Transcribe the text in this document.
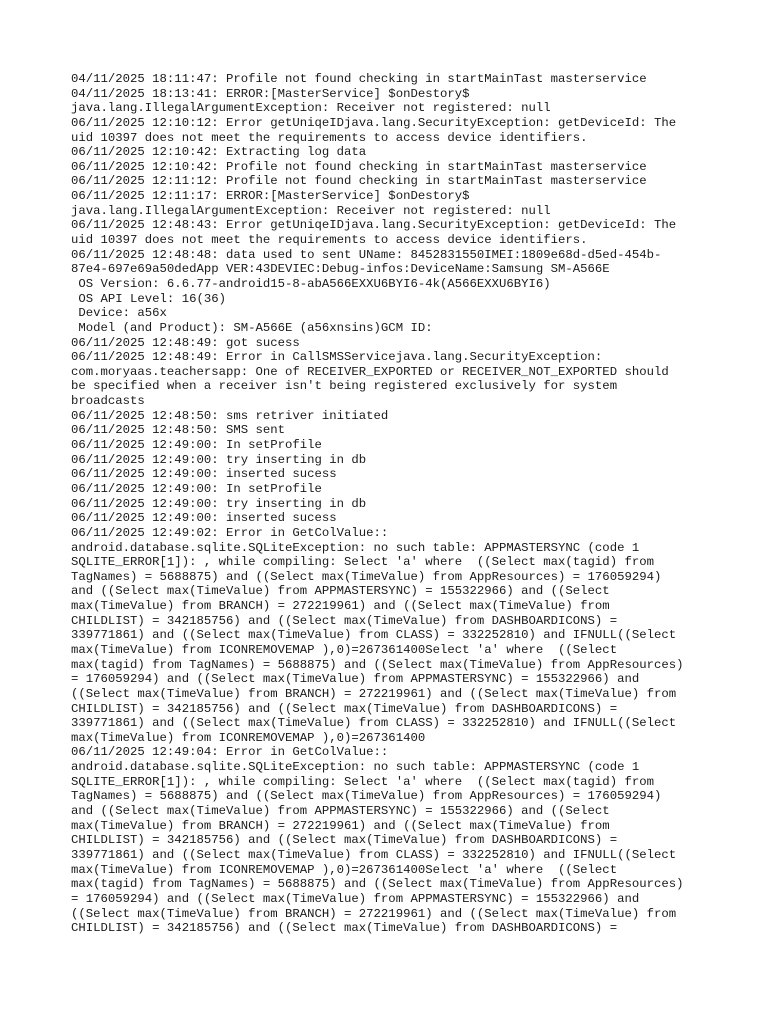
04/11/2025 18:11:47: Profile not found checking in startMainTast masterservice
04/11/2025 18:13:41: ERROR:[MasterService] $onDestory$
java.lang.IllegalArgumentException: Receiver not registered: null
06/11/2025 12:10:12: Error getUniqeIDjava.lang.SecurityException: getDeviceId: The
uid 10397 does not meet the requirements to access device identifiers.
06/11/2025 12:10:42: Extracting log data
06/11/2025 12:10:42: Profile not found checking in startMainTast masterservice
06/11/2025 12:11:12: Profile not found checking in startMainTast masterservice
06/11/2025 12:11:17: ERROR:[MasterService] $onDestory$
java.lang.IllegalArgumentException: Receiver not registered: null
06/11/2025 12:48:43: Error getUniqeIDjava.lang.SecurityException: getDeviceId: The
uid 10397 does not meet the requirements to access device identifiers.
06/11/2025 12:48:48: data used to sent UName: 8452831550IMEI:1809e68d-d5ed-454b-
87e4-697e69a50dedApp VER:43DEVIEC:Debug-infos:DeviceName:Samsung SM-A566E
OS Version: 6.6.77-android15-8-abA566EXXU6BYI6-4k(A566EXXU6BYI6)
OS API Level: 16(36)
Device: a56x
Model (and Product): SM-A566E (a56xnsins)GCM ID:
06/11/2025 12:48:49: got sucess
06/11/2025 12:48:49: Error in CallSMSServicejava.lang.SecurityException:
com.moryaas.teachersapp: One of RECEIVER_EXPORTED or RECEIVER_NOT_EXPORTED should
be specified when a receiver isn't being registered exclusively for system
broadcasts
06/11/2025 12:48:50: sms retriver initiated
06/11/2025 12:48:50: SMS sent
06/11/2025 12:49:00: In setProfile
06/11/2025 12:49:00: try inserting in db
06/11/2025 12:49:00: inserted sucess
06/11/2025 12:49:00: In setProfile
06/11/2025 12:49:00: try inserting in db
06/11/2025 12:49:00: inserted sucess
06/11/2025 12:49:02: Error in GetColValue::
android.database.sqlite.SQLiteException: no such table: APPMASTERSYNC (code 1
SQLITE_ERROR[1]): , while compiling: Select 'a' where  ((Select max(tagid) from
TagNames) = 5688875) and ((Select max(TimeValue) from AppResources) = 176059294)
and ((Select max(TimeValue) from APPMASTERSYNC) = 155322966) and ((Select
max(TimeValue) from BRANCH) = 272219961) and ((Select max(TimeValue) from
CHILDLIST) = 342185756) and ((Select max(TimeValue) from DASHBOARDICONS) =
339771861) and ((Select max(TimeValue) from CLASS) = 332252810) and IFNULL((Select
max(TimeValue) from ICONREMOVEMAP ),0)=267361400Select 'a' where  ((Select
max(tagid) from TagNames) = 5688875) and ((Select max(TimeValue) from AppResources)
= 176059294) and ((Select max(TimeValue) from APPMASTERSYNC) = 155322966) and
((Select max(TimeValue) from BRANCH) = 272219961) and ((Select max(TimeValue) from
CHILDLIST) = 342185756) and ((Select max(TimeValue) from DASHBOARDICONS) =
339771861) and ((Select max(TimeValue) from CLASS) = 332252810) and IFNULL((Select
max(TimeValue) from ICONREMOVEMAP ),0)=267361400
06/11/2025 12:49:04: Error in GetColValue::
android.database.sqlite.SQLiteException: no such table: APPMASTERSYNC (code 1
SQLITE_ERROR[1]): , while compiling: Select 'a' where  ((Select max(tagid) from
TagNames) = 5688875) and ((Select max(TimeValue) from AppResources) = 176059294)
and ((Select max(TimeValue) from APPMASTERSYNC) = 155322966) and ((Select
max(TimeValue) from BRANCH) = 272219961) and ((Select max(TimeValue) from
CHILDLIST) = 342185756) and ((Select max(TimeValue) from DASHBOARDICONS) =
339771861) and ((Select max(TimeValue) from CLASS) = 332252810) and IFNULL((Select
max(TimeValue) from ICONREMOVEMAP ),0)=267361400Select 'a' where  ((Select
max(tagid) from TagNames) = 5688875) and ((Select max(TimeValue) from AppResources)
= 176059294) and ((Select max(TimeValue) from APPMASTERSYNC) = 155322966) and
((Select max(TimeValue) from BRANCH) = 272219961) and ((Select max(TimeValue) from
CHILDLIST) = 342185756) and ((Select max(TimeValue) from DASHBOARDICONS) =
